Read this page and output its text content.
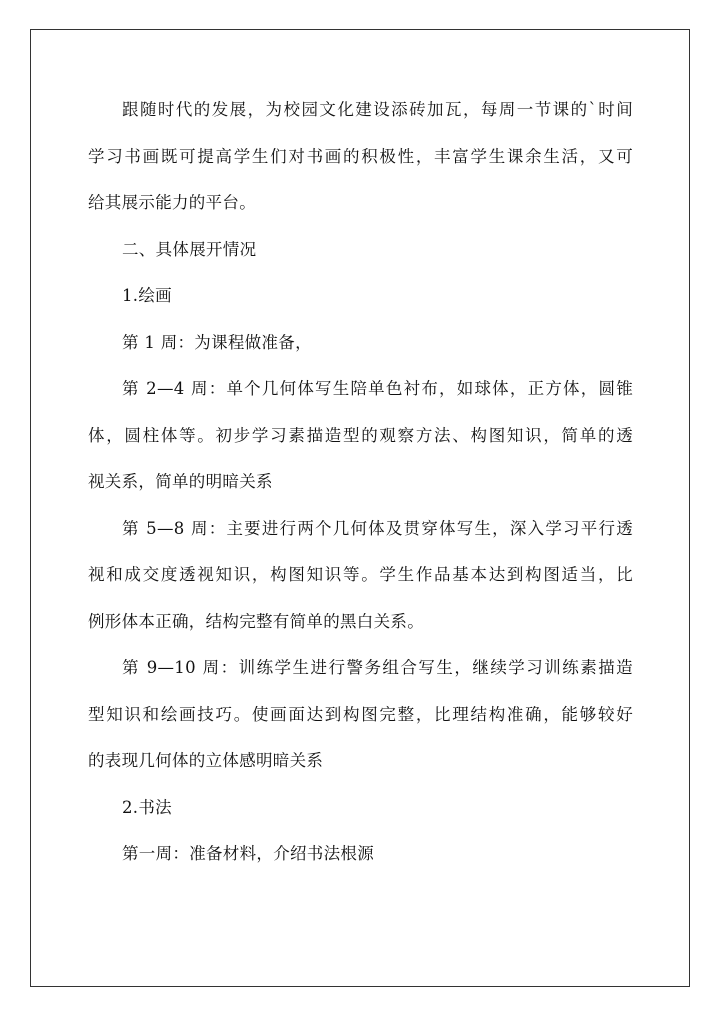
跟随时代的发展，为校园文化建设添砖加瓦，每周一节课的`时间
学习书画既可提高学生们对书画的积极性，丰富学生课余生活，又可
给其展示能力的平台。
二、具体展开情况
1.绘画
第 1 周：为课程做准备，
第 2—4 周：单个几何体写生陪单色衬布，如球体，正方体，圆锥
体，圆柱体等。初步学习素描造型的观察方法、构图知识，简单的透
视关系，简单的明暗关系
第 5—8 周：主要进行两个几何体及贯穿体写生，深入学习平行透
视和成交度透视知识，构图知识等。学生作品基本达到构图适当，比
例形体本正确，结构完整有简单的黑白关系。
第 9—10 周：训练学生进行警务组合写生，继续学习训练素描造
型知识和绘画技巧。使画面达到构图完整，比理结构准确，能够较好
的表现几何体的立体感明暗关系
2.书法
第一周：准备材料，介绍书法根源
